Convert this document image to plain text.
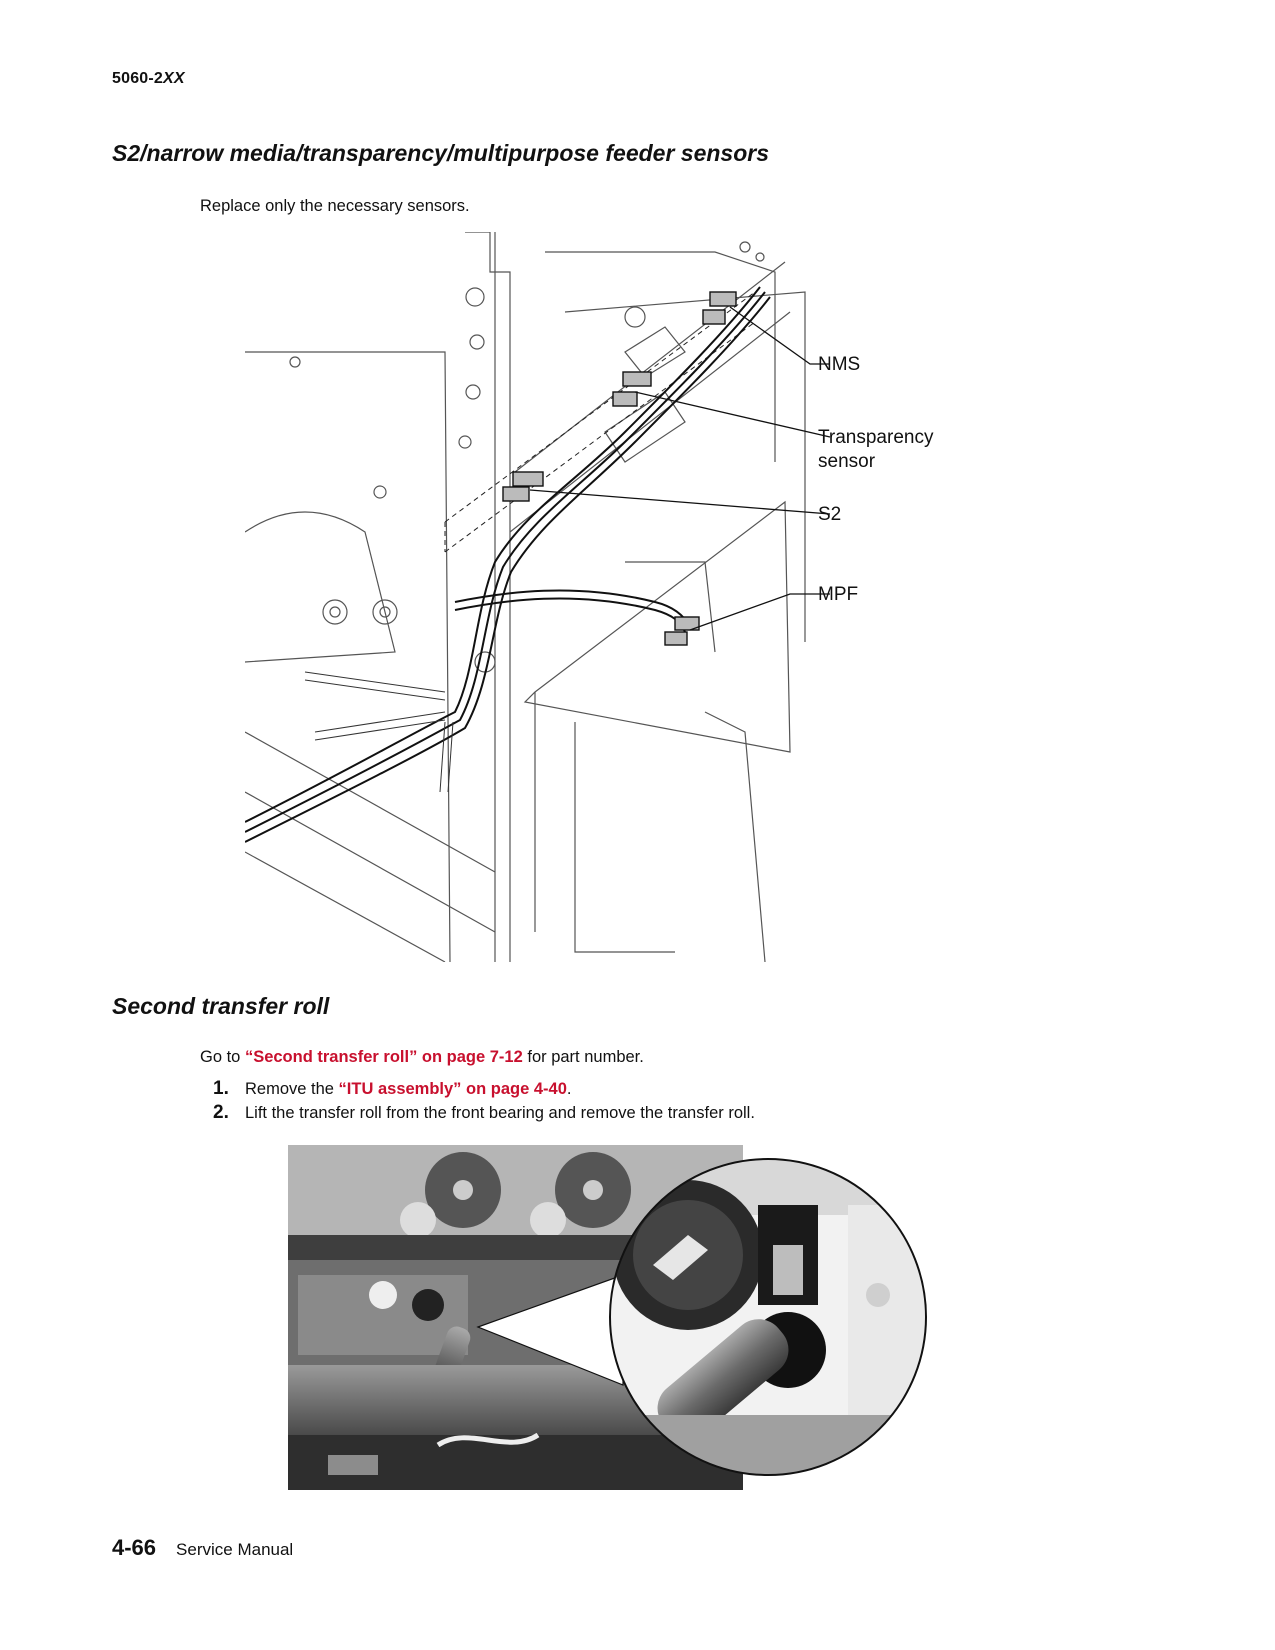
5060-2XX
S2/narrow media/transparency/multipurpose feeder sensors

Replace only the necessary sensors.

NMS
Transparency
sensor
S2
MPF
Second transfer roll

Go to “Second transfer roll” on page 7-12 for part number.

1. Remove the “ITU assembly” on page 4-40.

2. Lift the transfer roll from the front bearing and remove the transfer roll.

4-66 Service Manual
